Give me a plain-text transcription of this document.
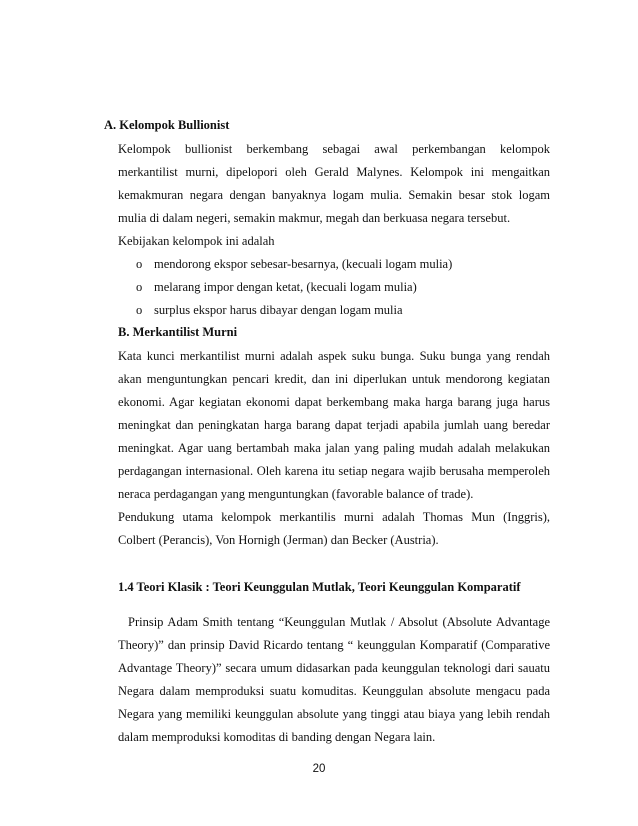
A. Kelompok Bullionist
Kelompok bullionist berkembang sebagai awal perkembangan kelompok
merkantilist murni, dipelopori oleh Gerald Malynes. Kelompok ini mengaitkan
kemakmuran negara dengan banyaknya logam mulia. Semakin besar stok logam
mulia di dalam negeri, semakin makmur, megah dan berkuasa negara tersebut.
Kebijakan kelompok ini adalah
o mendorong ekspor sebesar-besarnya, (kecuali logam mulia)
o melarang impor dengan ketat, (kecuali logam mulia)
o surplus ekspor harus dibayar dengan logam mulia
B. Merkantilist Murni
Kata kunci merkantilist murni adalah aspek suku bunga. Suku bunga yang rendah
akan menguntungkan pencari kredit, dan ini diperlukan untuk mendorong kegiatan
ekonomi. Agar kegiatan ekonomi dapat berkembang maka harga barang juga harus
meningkat dan peningkatan harga barang dapat terjadi apabila jumlah uang beredar
meningkat. Agar uang bertambah maka jalan yang paling mudah adalah melakukan
perdagangan internasional. Oleh karena itu setiap negara wajib berusaha memperoleh
neraca perdagangan yang menguntungkan (favorable balance of trade).
Pendukung utama kelompok merkantilis murni adalah Thomas Mun (Inggris),
Colbert (Perancis), Von Hornigh (Jerman) dan Becker (Austria).
1.4 Teori Klasik : Teori Keunggulan Mutlak, Teori Keunggulan Komparatif
Prinsip Adam Smith tentang “Keunggulan Mutlak / Absolut (Absolute Advantage
Theory)” dan prinsip David Ricardo tentang “ keunggulan Komparatif (Comparative
Advantage Theory)” secara umum didasarkan pada keunggulan teknologi dari sauatu
Negara dalam memproduksi suatu komuditas. Keunggulan absolute mengacu pada
Negara yang memiliki keunggulan absolute yang tinggi atau biaya yang lebih rendah
dalam memproduksi komoditas di banding dengan Negara lain.
20
